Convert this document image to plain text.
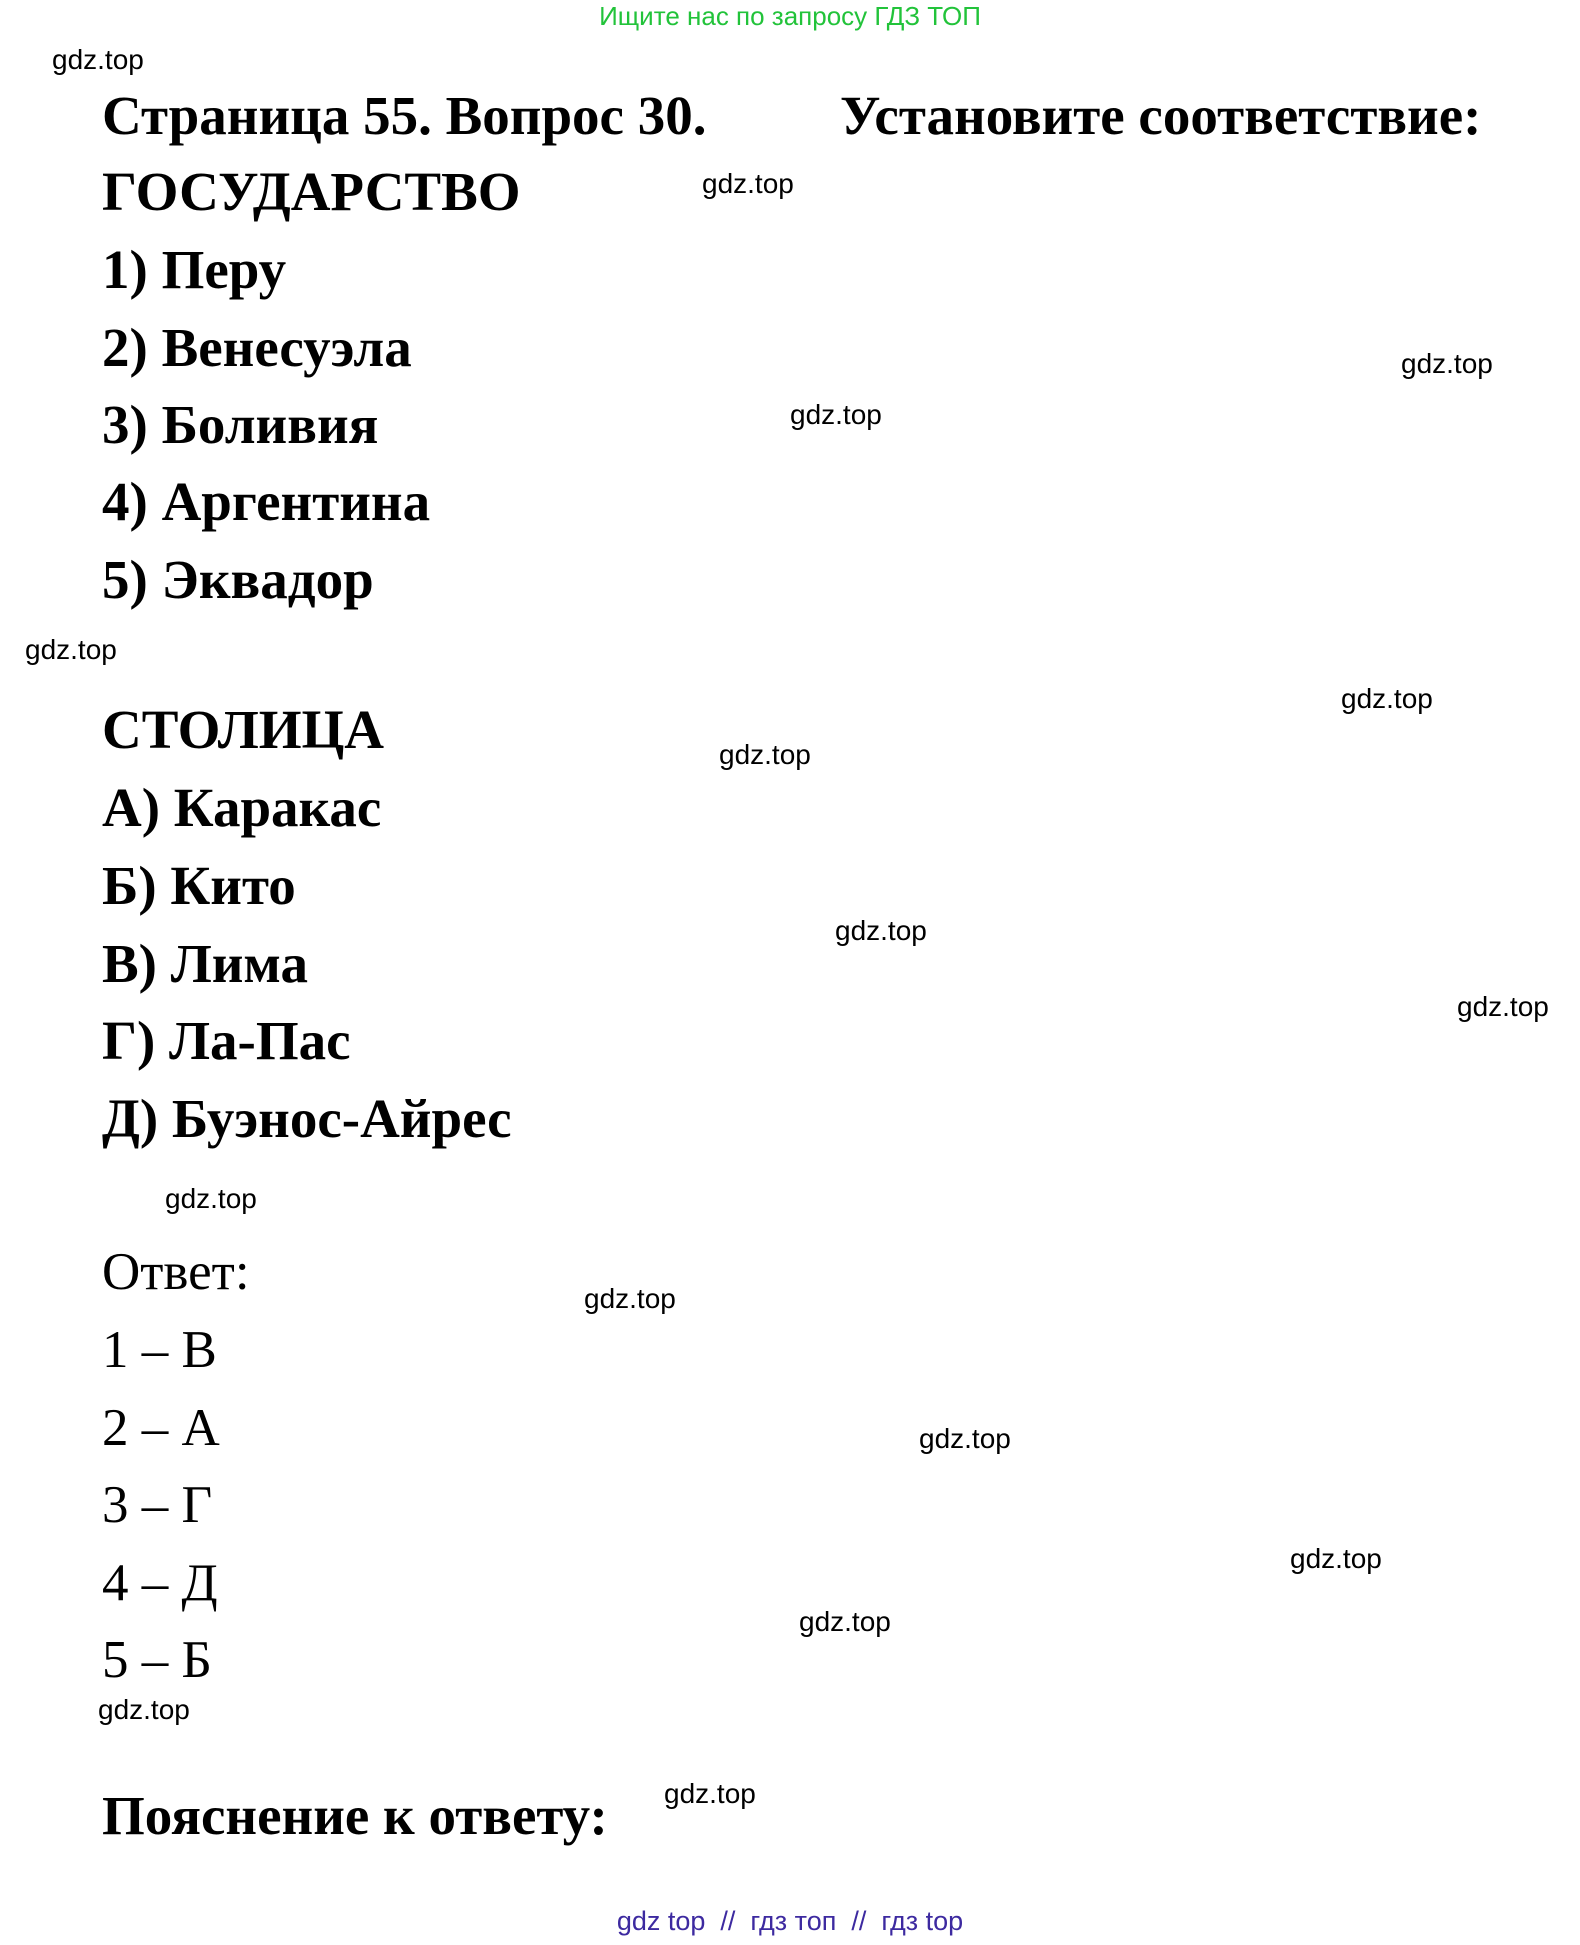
Ищите нас по запросу ГДЗ ТОП
gdz.top
gdz.top
gdz.top
gdz.top
gdz.top
gdz.top
gdz.top
gdz.top
gdz.top
gdz.top
gdz.top
gdz.top
gdz.top
gdz.top
gdz.top
gdz.top
Страница 55. Вопрос 30. Установите соответствие:
ГОСУДАРСТВО
1) Перу
2) Венесуэла
3) Боливия
4) Аргентина
5) Эквадор
СТОЛИЦА
А) Каракас
Б) Кито
В) Лима
Г) Ла-Пас
Д) Буэнос-Айрес
Ответ:
1 – В
2 – А
3 – Г
4 – Д
5 – Б
Пояснение к ответу:
gdz top  //  гдз топ  //  гдз top
